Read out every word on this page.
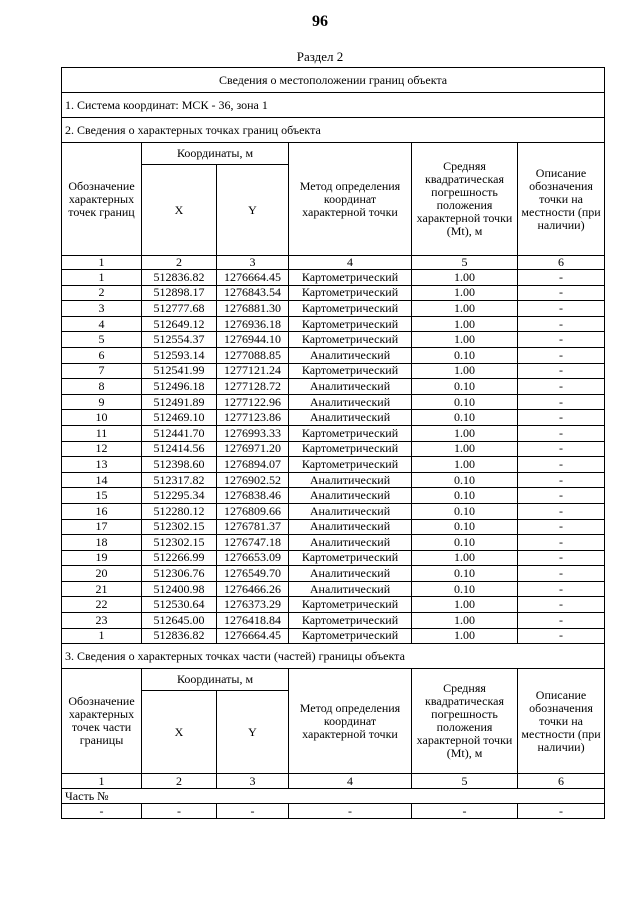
96
Раздел 2
Сведения о местоположении границ объекта					
1. Система координат: МСК - 36, зона 1					
2. Сведения о характерных точках границ объекта					
Обозначение характерных точек границ	Координаты, м		Метод определения координат характерной точки	Средняя квадратическая погрешность положения характерной точки (Mt), м	Описание обозначения точки на местности (при наличии)
	X	Y			
1	2	3	4	5	6
1	512836.82	1276664.45	Картометрический	1.00	-
2	512898.17	1276843.54	Картометрический	1.00	-
3	512777.68	1276881.30	Картометрический	1.00	-
4	512649.12	1276936.18	Картометрический	1.00	-
5	512554.37	1276944.10	Картометрический	1.00	-
6	512593.14	1277088.85	Аналитический	0.10	-
7	512541.99	1277121.24	Картометрический	1.00	-
8	512496.18	1277128.72	Аналитический	0.10	-
9	512491.89	1277122.96	Аналитический	0.10	-
10	512469.10	1277123.86	Аналитический	0.10	-
11	512441.70	1276993.33	Картометрический	1.00	-
12	512414.56	1276971.20	Картометрический	1.00	-
13	512398.60	1276894.07	Картометрический	1.00	-
14	512317.82	1276902.52	Аналитический	0.10	-
15	512295.34	1276838.46	Аналитический	0.10	-
16	512280.12	1276809.66	Аналитический	0.10	-
17	512302.15	1276781.37	Аналитический	0.10	-
18	512302.15	1276747.18	Аналитический	0.10	-
19	512266.99	1276653.09	Картометрический	1.00	-
20	512306.76	1276549.70	Аналитический	0.10	-
21	512400.98	1276466.26	Аналитический	0.10	-
22	512530.64	1276373.29	Картометрический	1.00	-
23	512645.00	1276418.84	Картометрический	1.00	-
1	512836.82	1276664.45	Картометрический	1.00	-
3. Сведения о характерных точках части (частей) границы объекта					
Обозначение характерных точек части границы	Координаты, м		Метод определения координат характерной точки	Средняя квадратическая погрешность положения характерной точки (Mt), м	Описание обозначения точки на местности (при наличии)
	X	Y			
1	2	3	4	5	6
Часть №					
-	-	-	-	-	-
